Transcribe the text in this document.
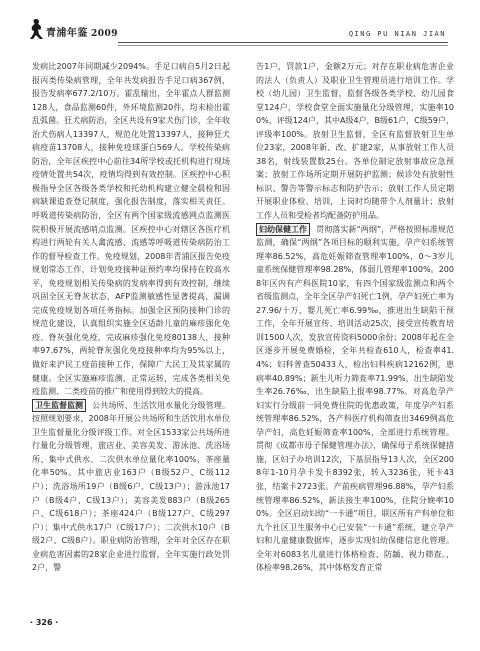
青浦年鉴 2009	QING PU NIAN JIAN

发病比2007年同期减少2094%。手足口病自5月2日起报丙类传染病管理，全年共发病报告手足口病367例，报告发病率677.2/10万。霍乱输出，全年霍点人群监测128人，食品监测60件，外环境监测20件，均未检出霍乱弧菌。狂犬病防治，全区共设有9家犬伤门诊，全年收治犬伤病人13397人，规范化处置13397人，接种狂犬病疫苗13708人，接种免疫球蛋白569人。学校传染病防治，全年区疾控中心前往34所学校或托机构进行现场疫情处置共54次，疫情均得到有效控制。区疾控中心积极指导全区各级各类学校和托幼机构建立健全晨检和因病缺课追查登记制度，强化报告制度，落实相关责任。呼吸道传染病防治，全区有两个国家级流感网点监测医院积极开展流感哨点监测。区疾控中心对辖区各医疗机构进行两轮有关人禽流感、流感等呼吸道传染病防治工作的督导检查工作。免疫规划，2008年青浦区报告免疫规划常态工作，计划免疫接种证预约率均保持在较高水平，免疫规划相关传染病的发病率得到有效控制，继续巩固全区无脊灰状态，AFP监测敏感性显著提高，漏调完成免疫规划各项任务指标。加强全区预防接种门诊的规范化建设，认真组织实施全区适龄儿童的麻疹强化免疫、脊灰强化免疫，完成麻疹强化免疫80138人，接种率97.67%，两轮脊灰强化免疫接种率均为95%以上，做好来沪民工疫苗接种工作，保障广大民工及其家属的健康。全区实施麻疹监测，正常运转，完成各类相关免疫监测、二类疫苗的推广和使用得到较大的提高。

卫生监督监测 公共场所、生活饮用水量化分级管理。按照规划要求，2008年开展公共场所和生活饮用水单位卫生监督量化分级评级工作。对全区1533家公共场所进行量化分级管理，旅店业、美容美发、游泳池、洗浴场所、集中式供水、二次供水单位量化率100%，茶座量化率50%。其中旅店业163户（B级52户、C级112户）；洗浴场所19户（B级6户、C级13户）；游泳池17户（B级4户、C级13户）；美容美发883户（B级265户、C级618户）；茶座424户（B级127户、C级297户）；集中式供水17户（C级17户）；二次供水10户（B级2户、C级8户）。职业病防治管理，全年对全区存在职业病危害因素的28家企业进行监督，全年实施行政处罚2户，警

告1户，罚款1户，金额2万元；对存在职业病危害企业的法人（负责人）及职业卫生管理员进行培训工作。学校（幼儿园）卫生监督，监督各级各类学校、幼儿园食堂124户，学校食堂全面实施量化分级管理，实施率100%，评级124户，其中A级4户，B级61户，C级59户，评级率100%。放射卫生监督，全区有监督放射卫生单位23家，2008年新、改、扩建2家，从事放射工作人员38名，射线装置数25台。各单位制定放射事故应急预案；放射工作场所定期开展防护监测；候诊处有放射性标识、警告等警示标志和防护告示；放射工作人员定期开展职业体检、培训，上岗时均随带个人剂量计；放射工作人员和受检者均配备防护用品。

妇幼保健工作 贯彻落实新“两纲”，严格按照标准规范监测，确保“两纲”各项目标的顺利实施，孕产妇系统管理率86.52%，高危妊娠筛查管理率100%，0～3岁儿童系统保健管理率98.28%，体弱儿管理率100%。2008年区内有产科医院10家，有四个国家级监测点和两个省级监测点，全年全区孕产妇死亡1例，孕产妇死亡率为27.96/十万，婴儿死亡率6.99‰，推进出生缺陷干预工作，全年开展宣传、培训活动25次，接受宣传教育培训1500人次，发放宣传资料5000余份；2008年起在全区逐步开展免费婚检，全年共检查610人，检查率41.4%；妇科普查50433人，检出妇科疾病12162例，患病率40.89%；新生儿听力筛查率71.99%，出生缺陷发生率26.76‰，出生缺陷上报率98.77%。对高危孕产妇实行分级前一同免费住院的优惠政策，年度孕产妇系统管理率86.52%，各产科医疗机构筛查出3469例高危孕产妇，高危妊娠筛查率100%，全部进行系统管理。贯彻《成都市母子保健管理办法》，确保母子系统保健措施，区妇子办培训12次，下基层指导13人次，全区2008年1-10月孕卡发卡8392张，转入3236张，死卡43张，结案卡2723张。产前疾病管理96.88%，孕产妇系统管理率86.52%，新法接生率100%，住院分娩率100%。全区启动妇幼“一卡通”项目，联区所有产科单位和九个社区卫生服务中心已安装“一卡通”系统，建立孕产妇和儿童健康数据库，逐步实现妇幼保健信息化管理。全年对6083名儿童进行体格检查、防龋、视力筛查。，体检率98.26%，其中体格发育正常

· 326 ·
